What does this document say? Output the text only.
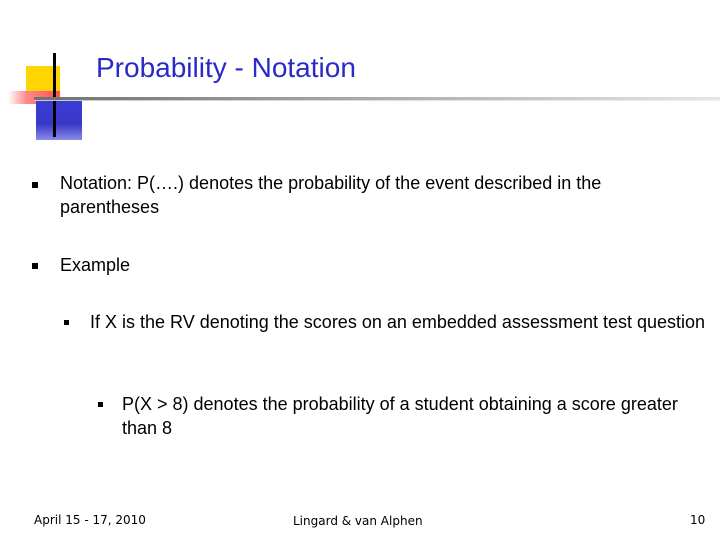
Probability - Notation
Notation: P(….) denotes the probability of the event described in the parentheses
Example
If X is the RV denoting the scores on an embedded assessment test question
P(X > 8) denotes the probability of a student obtaining a score greater than 8
April 15 - 17, 2010	Lingard & van Alphen	10
